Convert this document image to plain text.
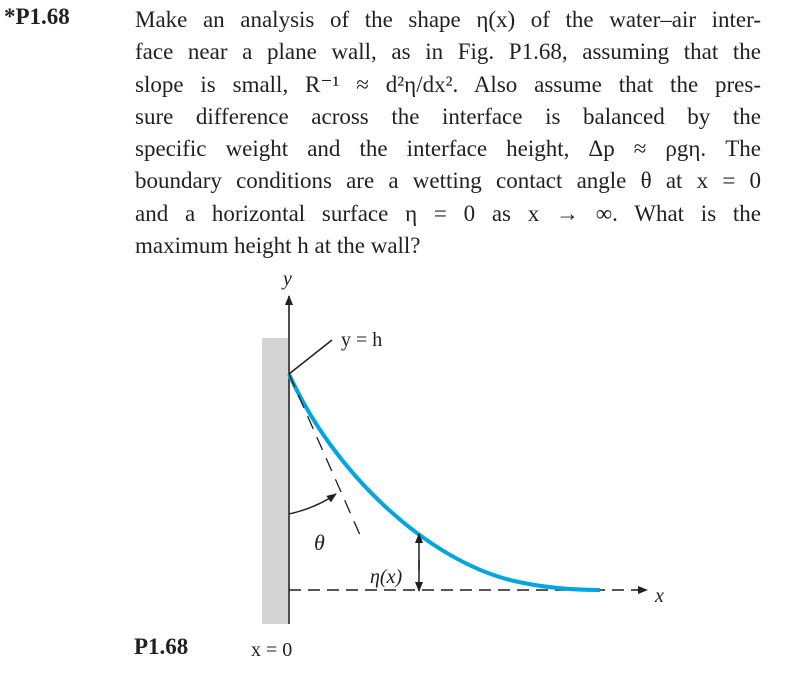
*P1.68	Make an analysis of the shape η(x) of the water–air inter-
face near a plane wall, as in Fig. P1.68, assuming that the
slope is small, R⁻¹ ≈ d²η/dx². Also assume that the pres-
sure difference across the interface is balanced by the
specific weight and the interface height, Δp ≈ ρgη. The
boundary conditions are a wetting contact angle θ at x = 0
and a horizontal surface η = 0 as x → ∞. What is the
maximum height h at the wall?
y
x
y = h
θ
η(x)
x = 0
P1.68
